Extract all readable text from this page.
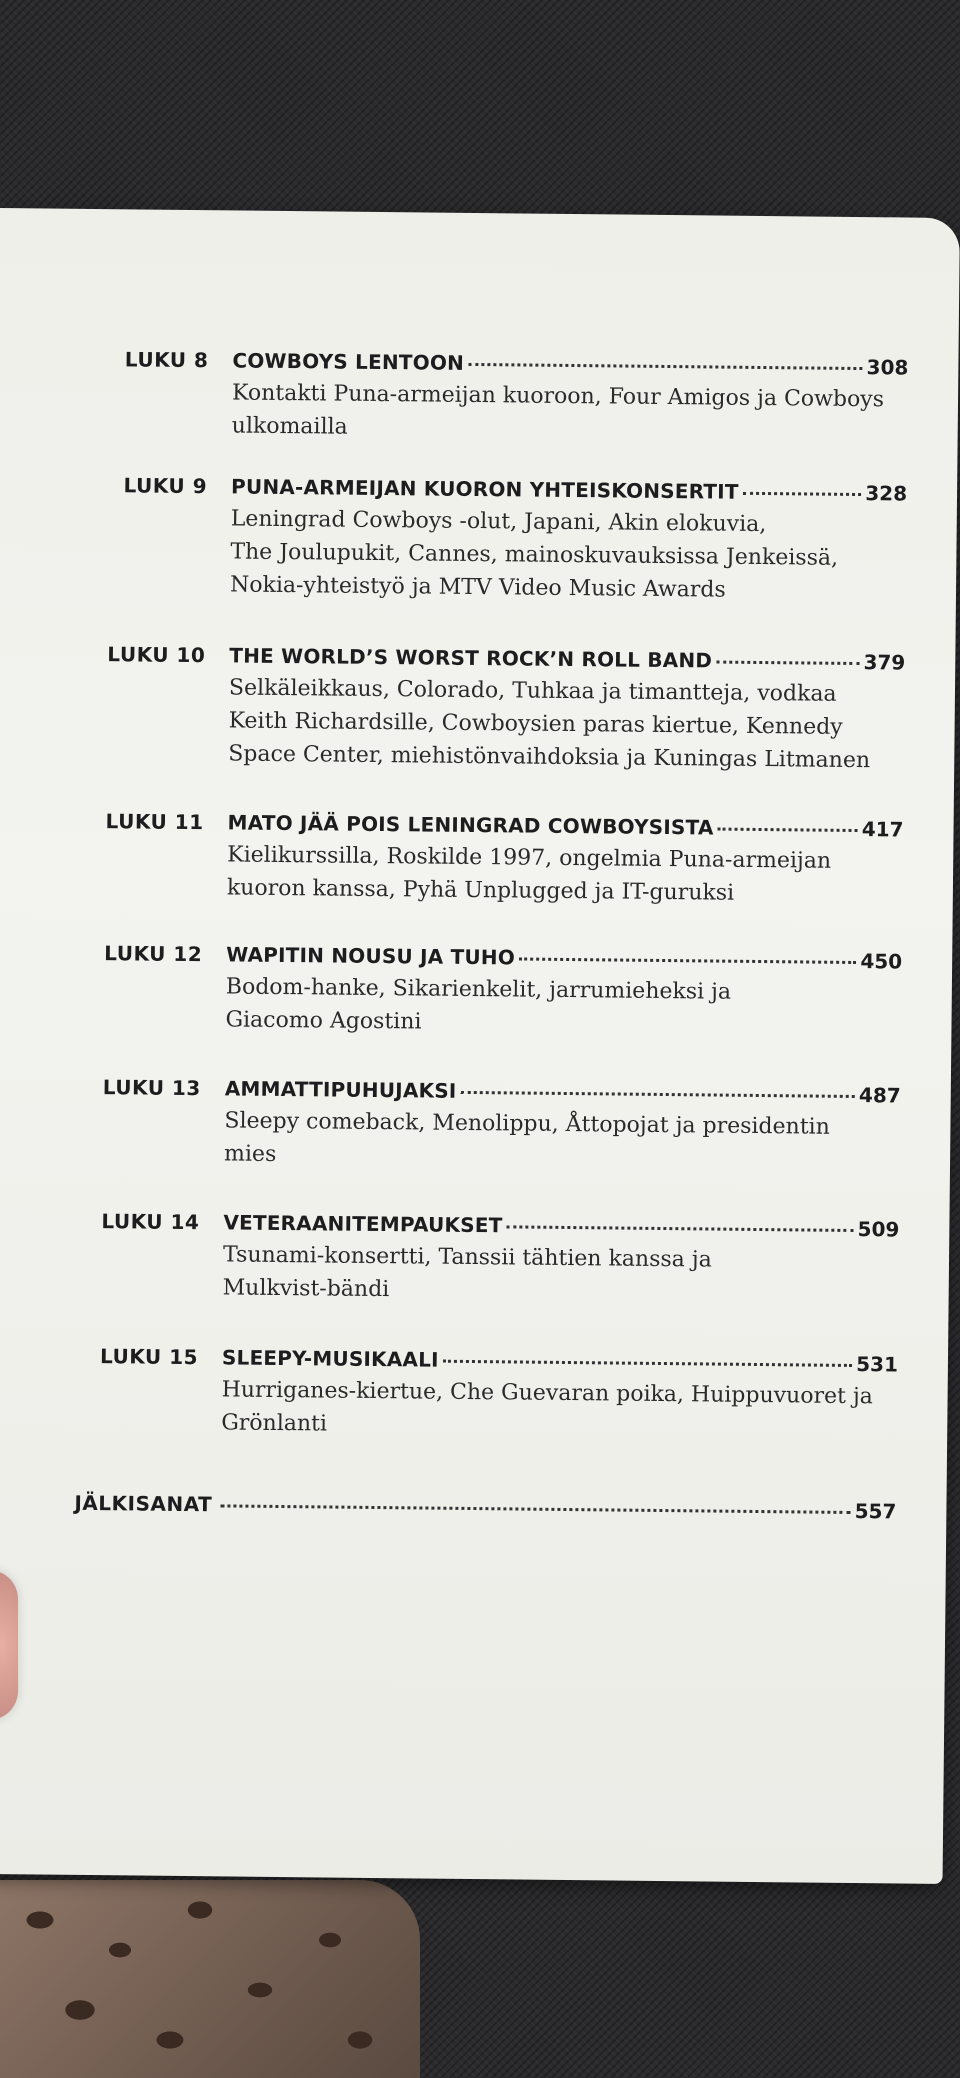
LUKU 8	COWBOYS LENTOON	308
Kontakti Puna-armeijan kuoroon, Four Amigos ja Cowboys
ulkomailla
LUKU 9	PUNA-ARMEIJAN KUORON YHTEISKONSERTIT	328
Leningrad Cowboys -olut, Japani, Akin elokuvia,
The Joulupukit, Cannes, mainoskuvauksissa Jenkeissä,
Nokia-yhteistyö ja MTV Video Music Awards
LUKU 10	THE WORLD’S WORST ROCK’N ROLL BAND	379
Selkäleikkaus, Colorado, Tuhkaa ja timantteja, vodkaa
Keith Richardsille, Cowboysien paras kiertue, Kennedy
Space Center, miehistönvaihdoksia ja Kuningas Litmanen
LUKU 11	MATO JÄÄ POIS LENINGRAD COWBOYSISTA	417
Kielikurssilla, Roskilde 1997, ongelmia Puna-armeijan
kuoron kanssa, Pyhä Unplugged ja IT-guruksi
LUKU 12	WAPITIN NOUSU JA TUHO	450
Bodom-hanke, Sikarienkelit, jarrumieheksi ja
Giacomo Agostini
LUKU 13	AMMATTIPUHUJAKSI	487
Sleepy comeback, Menolippu, Åttopojat ja presidentin
mies
LUKU 14	VETERAANITEMPAUKSET	509
Tsunami-konsertti, Tanssii tähtien kanssa ja
Mulkvist-bändi
LUKU 15	SLEEPY-MUSIKAALI	531
Hurriganes-kiertue, Che Guevaran poika, Huippuvuoret ja
Grönlanti
JÄLKISANAT	557
